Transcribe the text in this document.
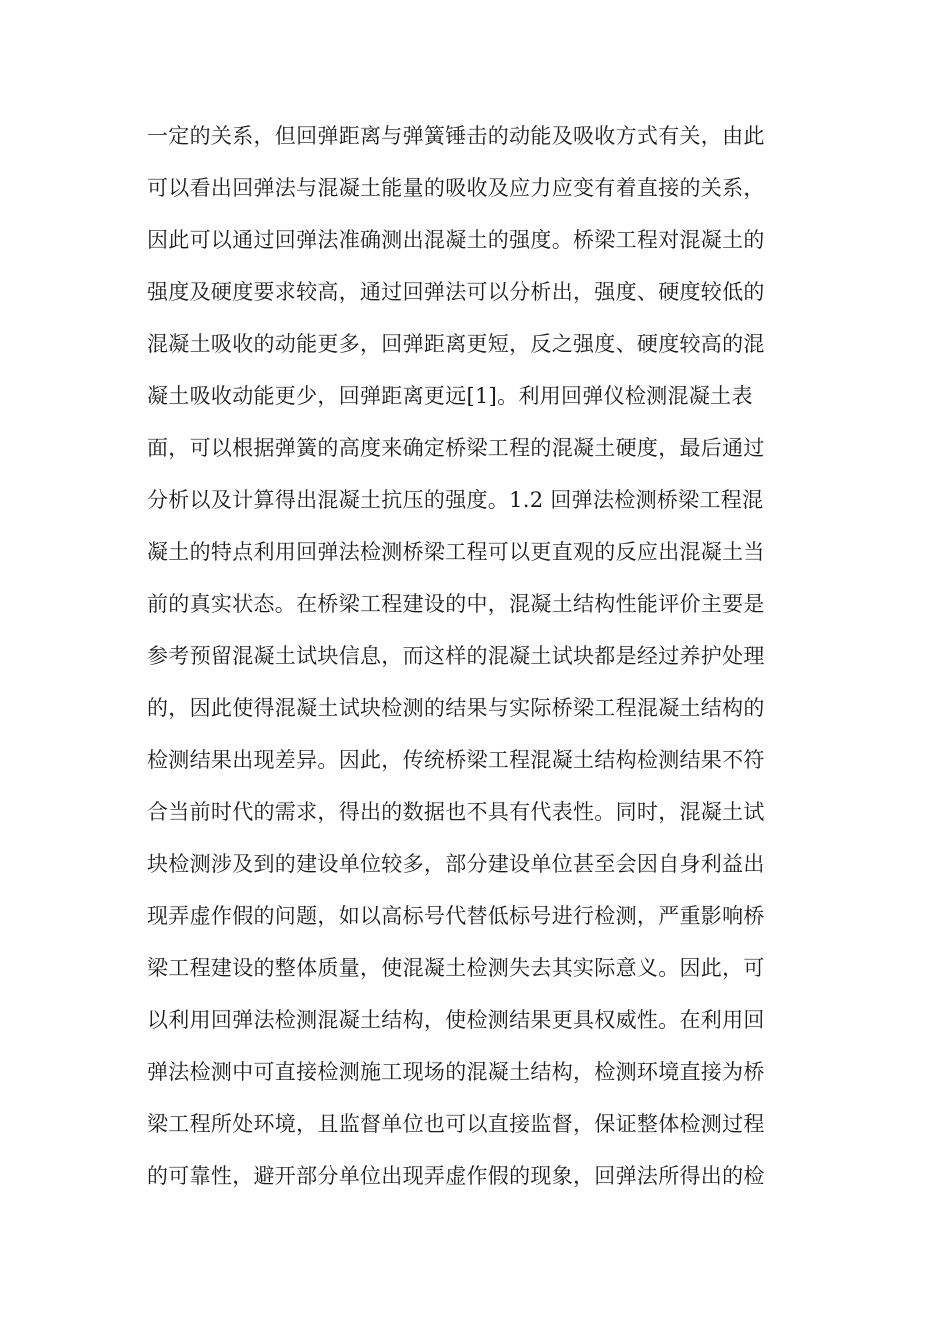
一定的关系，但回弹距离与弹簧锤击的动能及吸收方式有关，由此
可以看出回弹法与混凝土能量的吸收及应力应变有着直接的关系，
因此可以通过回弹法准确测出混凝土的强度。桥梁工程对混凝土的
强度及硬度要求较高，通过回弹法可以分析出，强度、硬度较低的
混凝土吸收的动能更多，回弹距离更短，反之强度、硬度较高的混
凝土吸收动能更少，回弹距离更远[1]。利用回弹仪检测混凝土表
面，可以根据弹簧的高度来确定桥梁工程的混凝土硬度，最后通过
分析以及计算得出混凝土抗压的强度。1.2 回弹法检测桥梁工程混
凝土的特点利用回弹法检测桥梁工程可以更直观的反应出混凝土当
前的真实状态。在桥梁工程建设的中，混凝土结构性能评价主要是
参考预留混凝土试块信息，而这样的混凝土试块都是经过养护处理
的，因此使得混凝土试块检测的结果与实际桥梁工程混凝土结构的
检测结果出现差异。因此，传统桥梁工程混凝土结构检测结果不符
合当前时代的需求，得出的数据也不具有代表性。同时，混凝土试
块检测涉及到的建设单位较多，部分建设单位甚至会因自身利益出
现弄虚作假的问题，如以高标号代替低标号进行检测，严重影响桥
梁工程建设的整体质量，使混凝土检测失去其实际意义。因此，可
以利用回弹法检测混凝土结构，使检测结果更具权威性。在利用回
弹法检测中可直接检测施工现场的混凝土结构，检测环境直接为桥
梁工程所处环境，且监督单位也可以直接监督，保证整体检测过程
的可靠性，避开部分单位出现弄虚作假的现象，回弹法所得出的检
